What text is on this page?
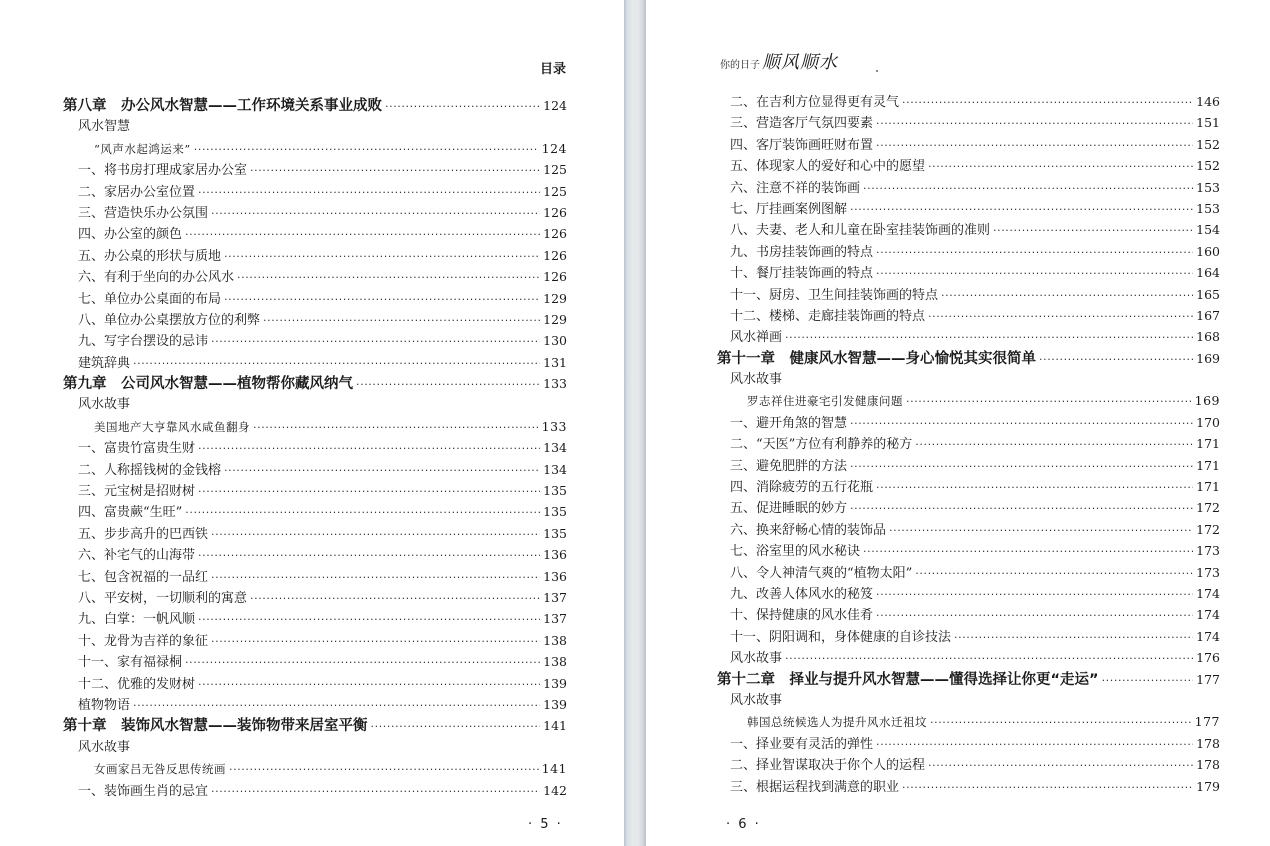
目录
第八章　办公风水智慧——工作环境关系事业成败 ·····	124
风水智慧
“风声水起鸿运来” ·····	124
一、将书房打理成家居办公室 ·····	125
二、家居办公室位置 ·····	125
三、营造快乐办公氛围 ·····	126
四、办公室的颜色 ·····	126
五、办公桌的形状与质地 ·····	126
六、有利于坐向的办公风水 ·····	126
七、单位办公桌面的布局 ·····	129
八、单位办公桌摆放方位的利弊 ·····	129
九、写字台摆设的忌讳 ·····	130
建筑辞典 ·····	131
第九章　公司风水智慧——植物帮你藏风纳气 ·····	133
风水故事
美国地产大亨靠风水咸鱼翻身 ·····	133
一、富贵竹富贵生财 ·····	134
二、人称摇钱树的金钱榕 ·····	134
三、元宝树是招财树 ·····	135
四、富贵蕨“生旺” ·····	135
五、步步高升的巴西铁 ·····	135
六、补宅气的山海带 ·····	136
七、包含祝福的一品红 ·····	136
八、平安树，一切顺利的寓意 ·····	137
九、白掌：一帆风顺 ·····	137
十、龙骨为吉祥的象征 ·····	138
十一、家有福禄桐 ·····	138
十二、优雅的发财树 ·····	139
植物物语 ·····	139
第十章　装饰风水智慧——装饰物带来居室平衡 ·····	141
风水故事
女画家吕无咎反思传统画 ·····	141
一、装饰画生肖的忌宜 ·····	142
· 5 ·
你的日子 顺风顺水
二、在吉利方位显得更有灵气 ·····	146
三、营造客厅气氛四要素 ·····	151
四、客厅装饰画旺财布置 ·····	152
五、体现家人的爱好和心中的愿望 ·····	152
六、注意不祥的装饰画 ·····	153
七、厅挂画案例图解 ·····	153
八、夫妻、老人和儿童在卧室挂装饰画的准则 ·····	154
九、书房挂装饰画的特点 ·····	160
十、餐厅挂装饰画的特点 ·····	164
十一、厨房、卫生间挂装饰画的特点 ·····	165
十二、楼梯、走廊挂装饰画的特点 ·····	167
风水禅画 ·····	168
第十一章　健康风水智慧——身心愉悦其实很简单 ·····	169
风水故事
罗志祥住进豪宅引发健康问题 ·····	169
一、避开角煞的智慧 ·····	170
二、“天医”方位有利静养的秘方 ·····	171
三、避免肥胖的方法 ·····	171
四、消除疲劳的五行花瓶 ·····	171
五、促进睡眠的妙方 ·····	172
六、换来舒畅心情的装饰品 ·····	172
七、浴室里的风水秘诀 ·····	173
八、令人神清气爽的“植物太阳” ·····	173
九、改善人体风水的秘笈 ·····	174
十、保持健康的风水佳肴 ·····	174
十一、阴阳调和，身体健康的自诊技法 ·····	174
风水故事 ·····	176
第十二章　择业与提升风水智慧——懂得选择让你更“走运” ·····	177
风水故事
韩国总统候选人为提升风水迁祖坟 ·····	177
一、择业要有灵活的弹性 ·····	178
二、择业智谋取决于你个人的运程 ·····	178
三、根据运程找到满意的职业 ·····	179
· 6 ·
